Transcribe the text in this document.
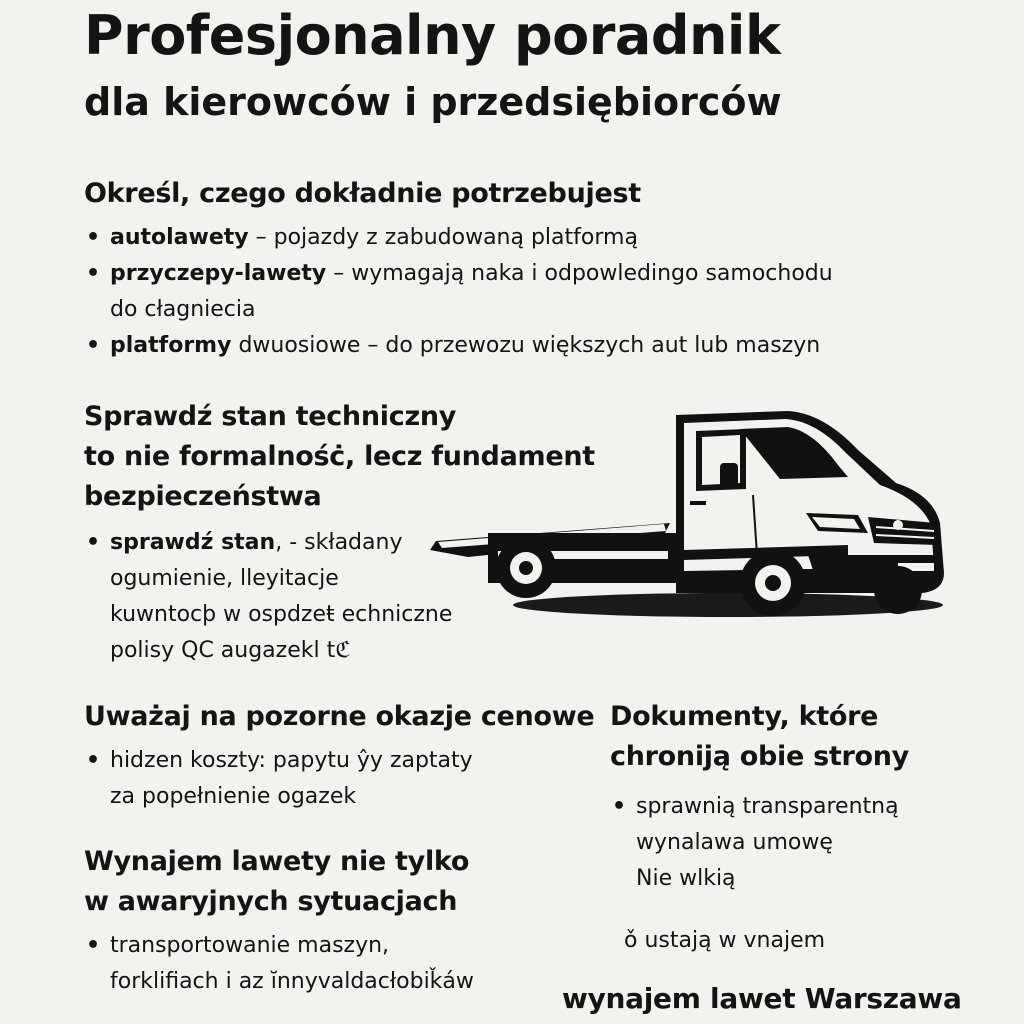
Profesjonalny poradnik
dla kierowców i przedsiębiorców
Określ, czego dokładnie potrzebujest
• autolawety – pojazdy z zabudowaną platformą
• przyczepy-lawety – wymagają naka i odpowledingo samochodu
do cłagniecia
• platformy dwuosiowe – do przewozu większych aut lub maszyn
Sprawdź stan techniczny
to nie formalnośċ, lecz fundament
bezpieczeństwa
• sprawdź stan, - składany
ogumienie, lleyitacje
kuwntocþ w ospdzeŧ echniczne
polisy QC augazekl tℭ
Uważaj na pozorne okazje cenowe
• hidzen koszty: papytu ŷy zaptaty
za popełnienie ogazek
Wynajem lawety nie tylko
w awaryjnych sytuacjach
• transportowanie maszyn,
forklifiach i az ĭnnyvaldacłobiǩáw
Dokumenty, które
chroniją obie strony
• sprawnią transparentną
wynalawa umowę
Nie wlkią
ǒ ustają w vnajem
wynajem lawet Warszawa
